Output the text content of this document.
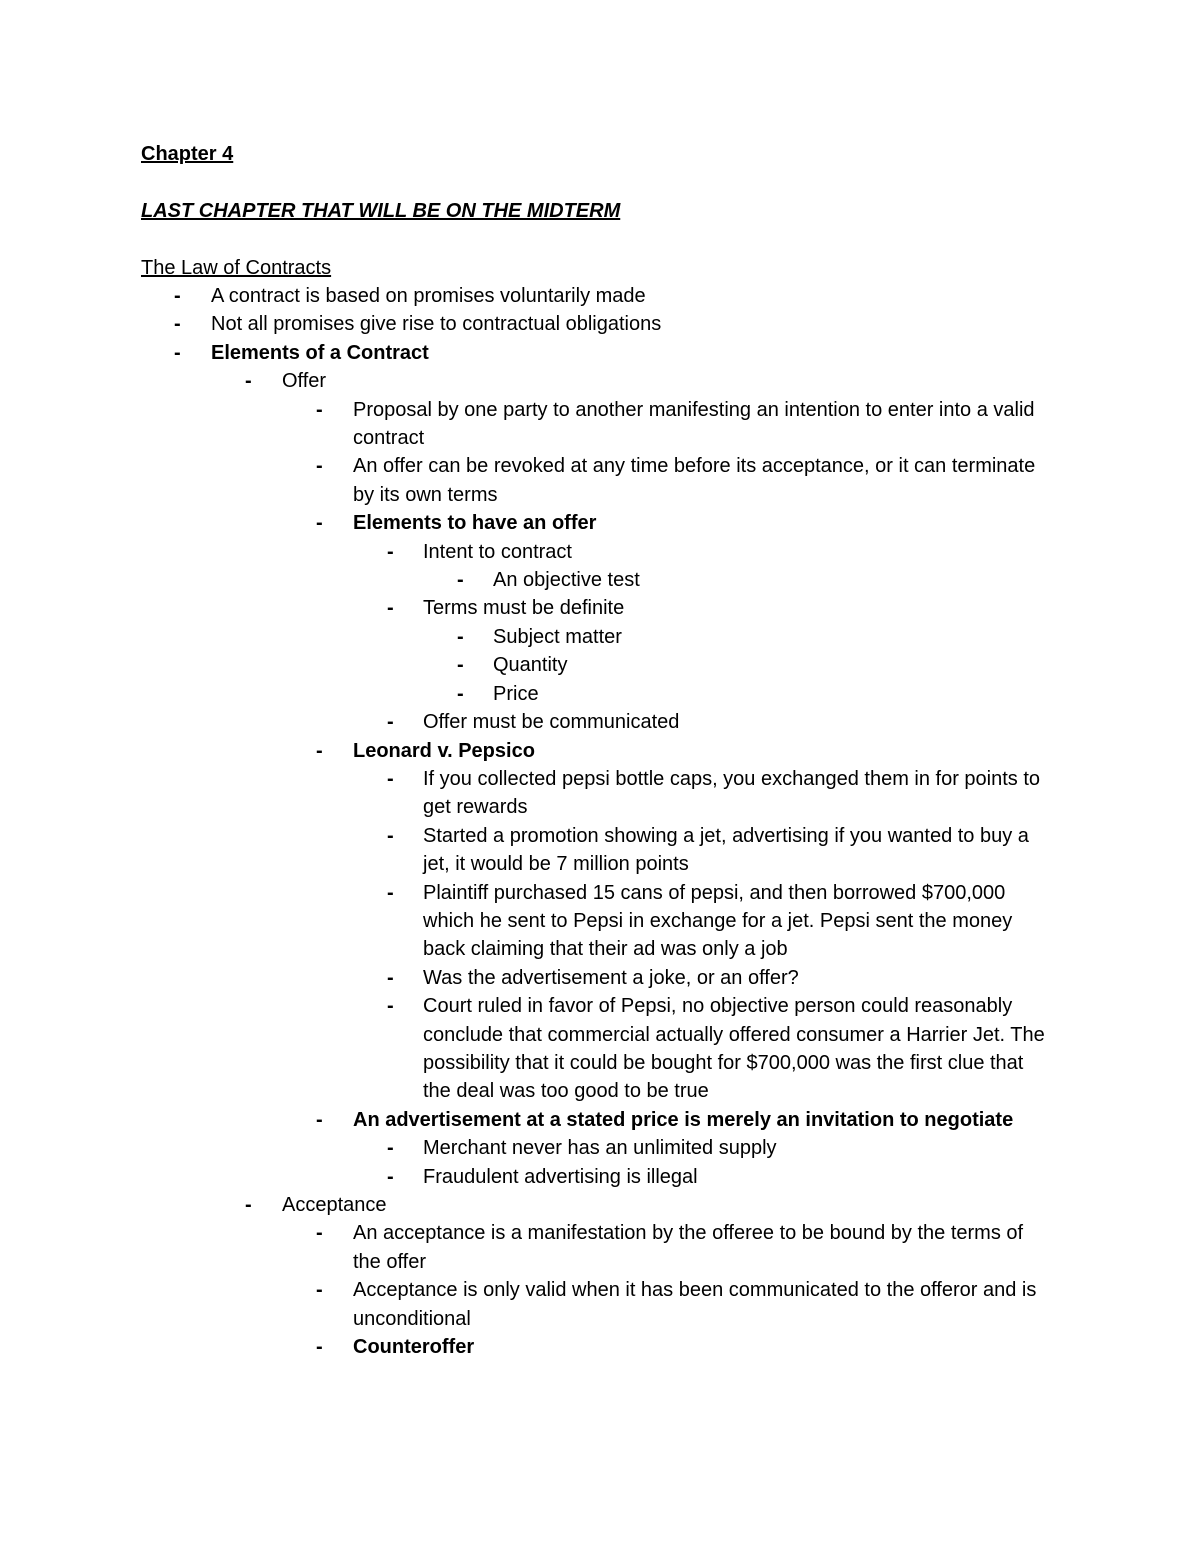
Chapter 4
LAST CHAPTER THAT WILL BE ON THE MIDTERM
The Law of Contracts
- A contract is based on promises voluntarily made
- Not all promises give rise to contractual obligations
- Elements of a Contract
- Offer
- Proposal by one party to another manifesting an intention to enter into a valid contract
- An offer can be revoked at any time before its acceptance, or it can terminate by its own terms
- Elements to have an offer
- Intent to contract
- An objective test
- Terms must be definite
- Subject matter
- Quantity
- Price
- Offer must be communicated
- Leonard v. Pepsico
- If you collected pepsi bottle caps, you exchanged them in for points to get rewards
- Started a promotion showing a jet, advertising if you wanted to buy a jet, it would be 7 million points
- Plaintiff purchased 15 cans of pepsi, and then borrowed $700,000 which he sent to Pepsi in exchange for a jet. Pepsi sent the money back claiming that their ad was only a job
- Was the advertisement a joke, or an offer?
- Court ruled in favor of Pepsi, no objective person could reasonably conclude that commercial actually offered consumer a Harrier Jet. The possibility that it could be bought for $700,000 was the first clue that the deal was too good to be true
- An advertisement at a stated price is merely an invitation to negotiate
- Merchant never has an unlimited supply
- Fraudulent advertising is illegal
- Acceptance
- An acceptance is a manifestation by the offeree to be bound by the terms of the offer
- Acceptance is only valid when it has been communicated to the offeror and is unconditional
- Counteroffer
